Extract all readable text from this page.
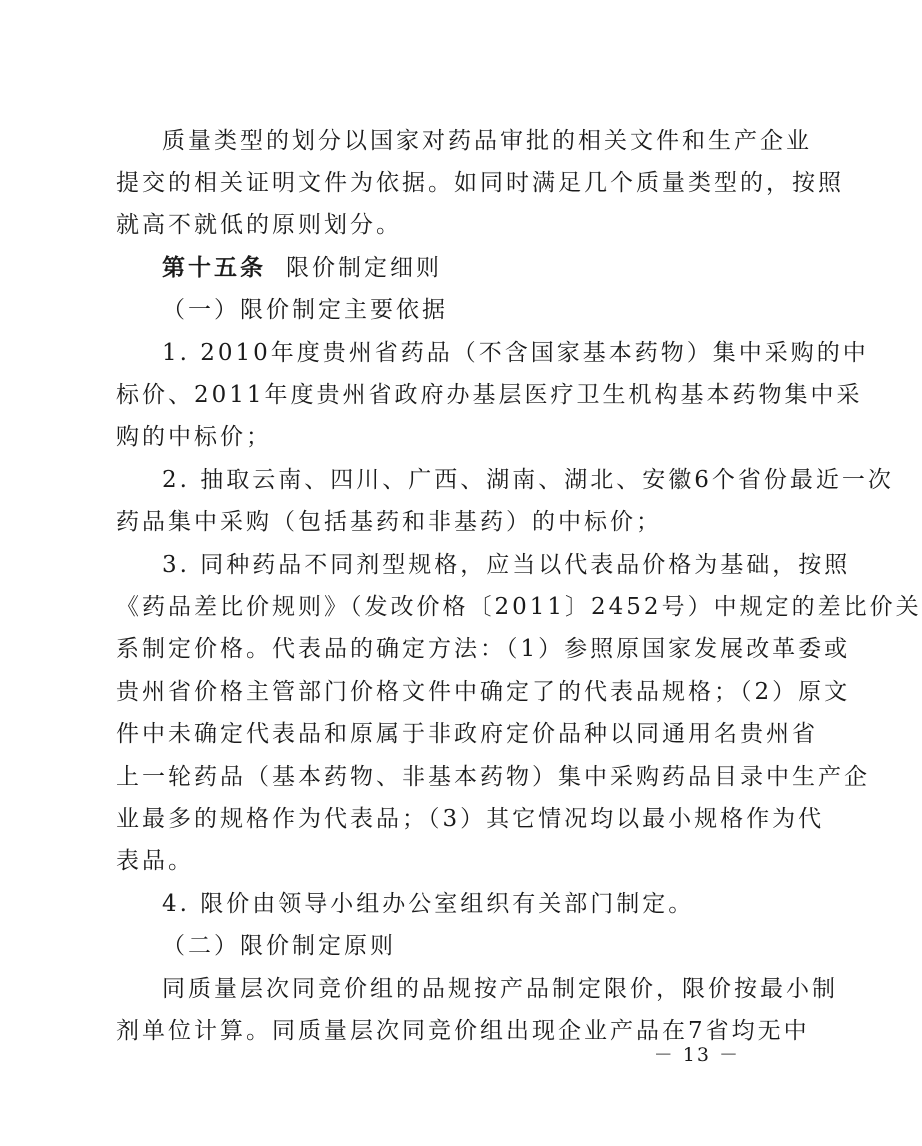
质量类型的划分以国家对药品审批的相关文件和生产企业
提交的相关证明文件为依据。如同时满足几个质量类型的，按照
就高不就低的原则划分。
第十五条 限价制定细则
（一）限价制定主要依据
1. 2010年度贵州省药品（不含国家基本药物）集中采购的中
标价、2011年度贵州省政府办基层医疗卫生机构基本药物集中采
购的中标价；
2. 抽取云南、四川、广西、湖南、湖北、安徽6个省份最近一次
药品集中采购（包括基药和非基药）的中标价；
3. 同种药品不同剂型规格，应当以代表品价格为基础，按照
《药品差比价规则》（发改价格〔2011〕2452号）中规定的差比价关
系制定价格。代表品的确定方法：（1）参照原国家发展改革委或
贵州省价格主管部门价格文件中确定了的代表品规格；（2）原文
件中未确定代表品和原属于非政府定价品种以同通用名贵州省
上一轮药品（基本药物、非基本药物）集中采购药品目录中生产企
业最多的规格作为代表品；（3）其它情况均以最小规格作为代
表品。
4. 限价由领导小组办公室组织有关部门制定。
（二）限价制定原则
同质量层次同竞价组的品规按产品制定限价，限价按最小制
剂单位计算。同质量层次同竞价组出现企业产品在7省均无中
－ 13 －
